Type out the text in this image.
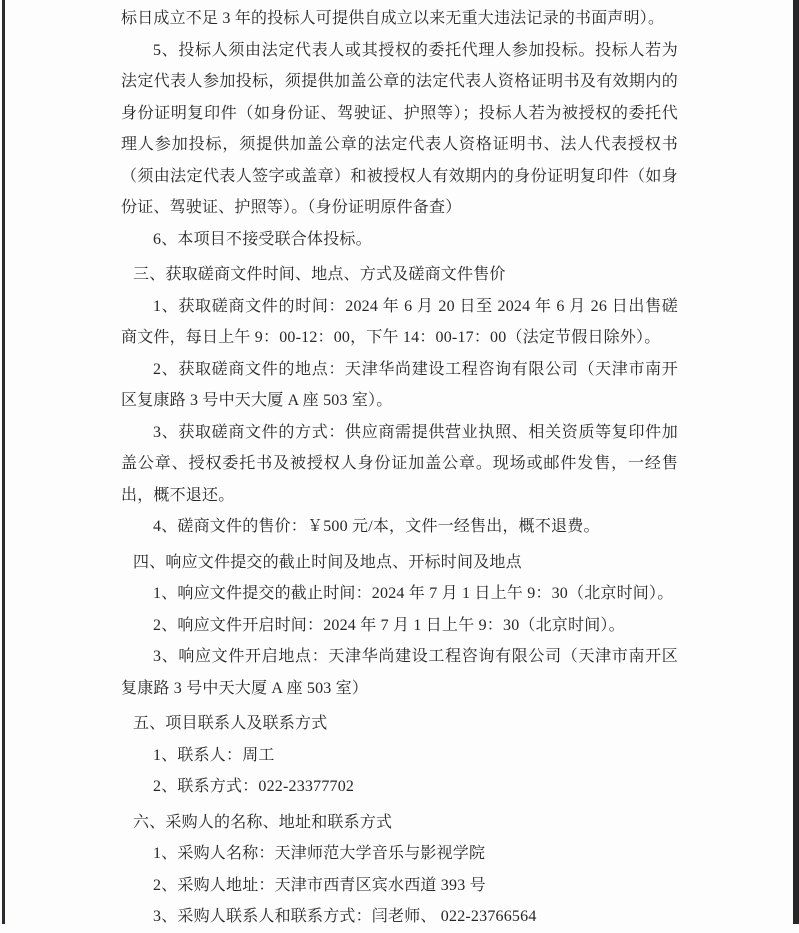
标日成立不足 3 年的投标人可提供自成立以来无重大违法记录的书面声明）。

5、投标人须由法定代表人或其授权的委托代理人参加投标。投标人若为法定代表人参加投标，须提供加盖公章的法定代表人资格证明书及有效期内的身份证明复印件（如身份证、驾驶证、护照等）；投标人若为被授权的委托代理人参加投标，须提供加盖公章的法定代表人资格证明书、法人代表授权书（须由法定代表人签字或盖章）和被授权人有效期内的身份证明复印件（如身份证、驾驶证、护照等）。（身份证明原件备查）

6、本项目不接受联合体投标。

三、获取磋商文件时间、地点、方式及磋商文件售价

1、获取磋商文件的时间：2024 年 6 月 20 日至 2024 年 6 月 26 日出售磋商文件，每日上午 9：00-12：00，下午 14：00-17：00（法定节假日除外）。

2、获取磋商文件的地点：天津华尚建设工程咨询有限公司（天津市南开区复康路 3 号中天大厦 A 座 503 室）。

3、获取磋商文件的方式：供应商需提供营业执照、相关资质等复印件加盖公章、授权委托书及被授权人身份证加盖公章。现场或邮件发售，一经售出，概不退还。

4、磋商文件的售价：￥500 元/本，文件一经售出，概不退费。

四、响应文件提交的截止时间及地点、开标时间及地点

1、响应文件提交的截止时间：2024 年 7 月 1 日上午 9：30（北京时间）。

2、响应文件开启时间：2024 年 7 月 1 日上午 9：30（北京时间）。

3、响应文件开启地点：天津华尚建设工程咨询有限公司（天津市南开区复康路 3 号中天大厦 A 座 503 室）

五、项目联系人及联系方式

1、联系人：周工

2、联系方式：022-23377702

六、采购人的名称、地址和联系方式

1、采购人名称：天津师范大学音乐与影视学院

2、采购人地址：天津市西青区宾水西道 393 号

3、采购人联系人和联系方式：闫老师、 022-23766564
